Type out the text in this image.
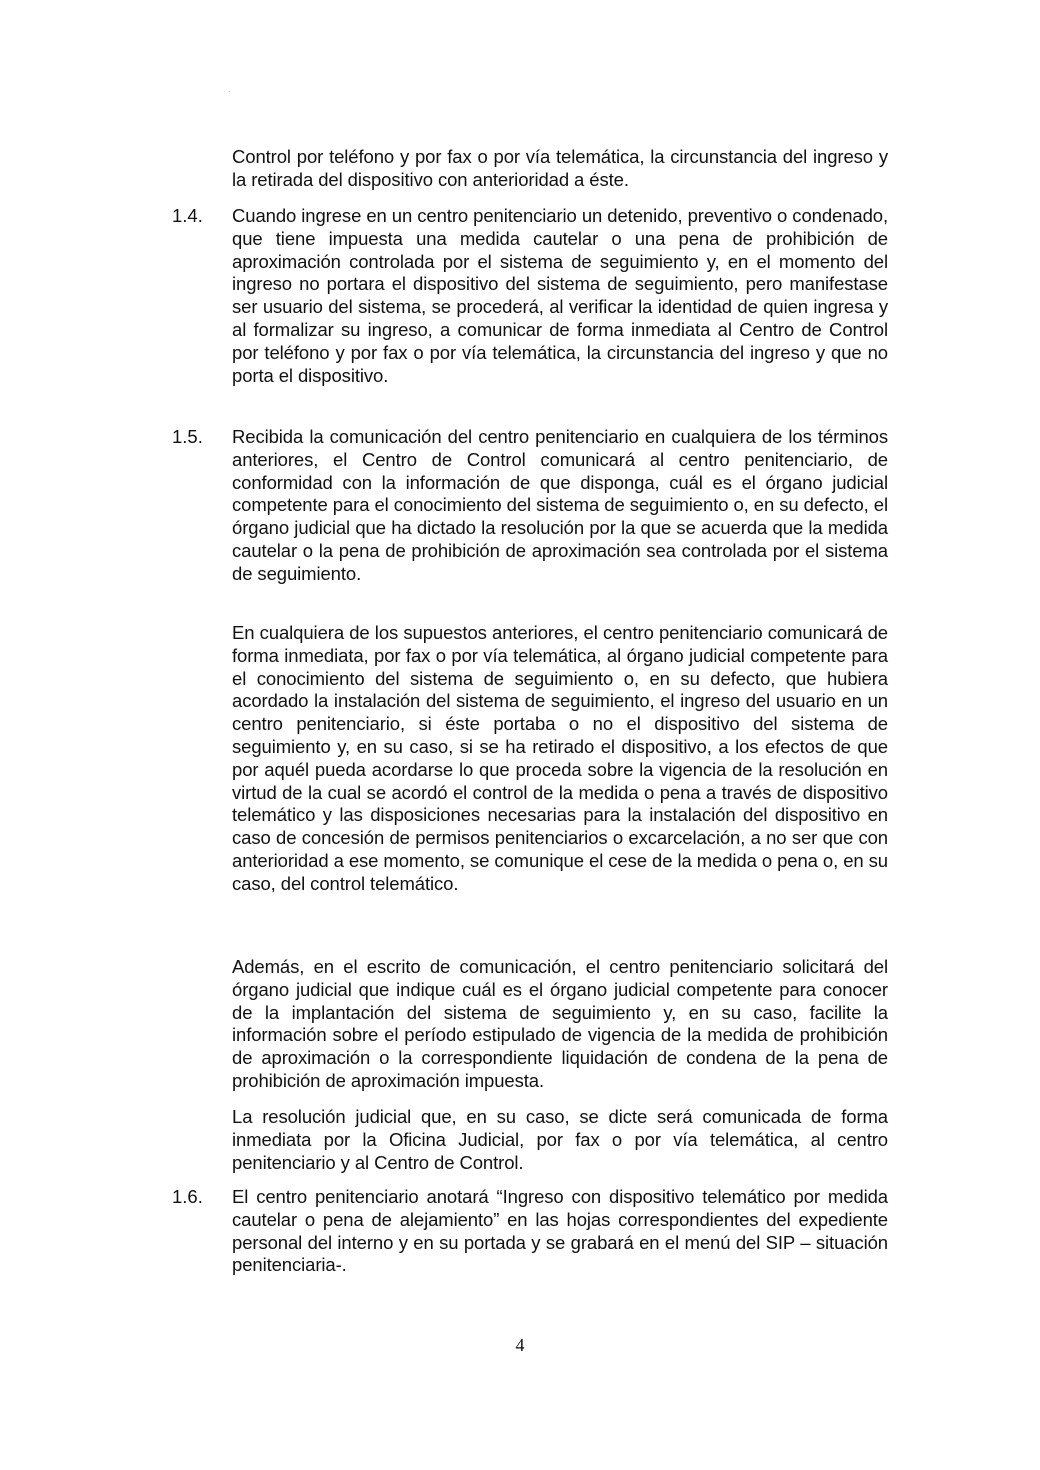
Control por teléfono y por fax o por vía telemática, la circunstancia del ingreso y la retirada del dispositivo con anterioridad a éste.
1.4. Cuando ingrese en un centro penitenciario un detenido, preventivo o condenado, que tiene impuesta una medida cautelar o una pena de prohibición de aproximación controlada por el sistema de seguimiento y, en el momento del ingreso no portara el dispositivo del sistema de seguimiento, pero manifestase ser usuario del sistema, se procederá, al verificar la identidad de quien ingresa y al formalizar su ingreso, a comunicar de forma inmediata al Centro de Control por teléfono y por fax o por vía telemática, la circunstancia del ingreso y que no porta el dispositivo.
1.5. Recibida la comunicación del centro penitenciario en cualquiera de los términos anteriores, el Centro de Control comunicará al centro penitenciario, de conformidad con la información de que disponga, cuál es el órgano judicial competente para el conocimiento del sistema de seguimiento o, en su defecto, el órgano judicial que ha dictado la resolución por la que se acuerda que la medida cautelar o la pena de prohibición de aproximación sea controlada por el sistema de seguimiento.
En cualquiera de los supuestos anteriores, el centro penitenciario comunicará de forma inmediata, por fax o por vía telemática, al órgano judicial competente para el conocimiento del sistema de seguimiento o, en su defecto, que hubiera acordado la instalación del sistema de seguimiento, el ingreso del usuario en un centro penitenciario, si éste portaba o no el dispositivo del sistema de seguimiento y, en su caso, si se ha retirado el dispositivo, a los efectos de que por aquél pueda acordarse lo que proceda sobre la vigencia de la resolución en virtud de la cual se acordó el control de la medida o pena a través de dispositivo telemático y las disposiciones necesarias para la instalación del dispositivo en caso de concesión de permisos penitenciarios o excarcelación, a no ser que con anterioridad a ese momento, se comunique el cese de la medida o pena o, en su caso, del control telemático.
Además, en el escrito de comunicación, el centro penitenciario solicitará del órgano judicial que indique cuál es el órgano judicial competente para conocer de la implantación del sistema de seguimiento y, en su caso, facilite la información sobre el período estipulado de vigencia de la medida de prohibición de aproximación o la correspondiente liquidación de condena de la pena de prohibición de aproximación impuesta.
La resolución judicial que, en su caso, se dicte será comunicada de forma inmediata por la Oficina Judicial, por fax o por vía telemática, al centro penitenciario y al Centro de Control.
1.6. El centro penitenciario anotará “Ingreso con dispositivo telemático por medida cautelar o pena de alejamiento” en las hojas correspondientes del expediente personal del interno y en su portada y se grabará en el menú del SIP – situación penitenciaria-.
4
